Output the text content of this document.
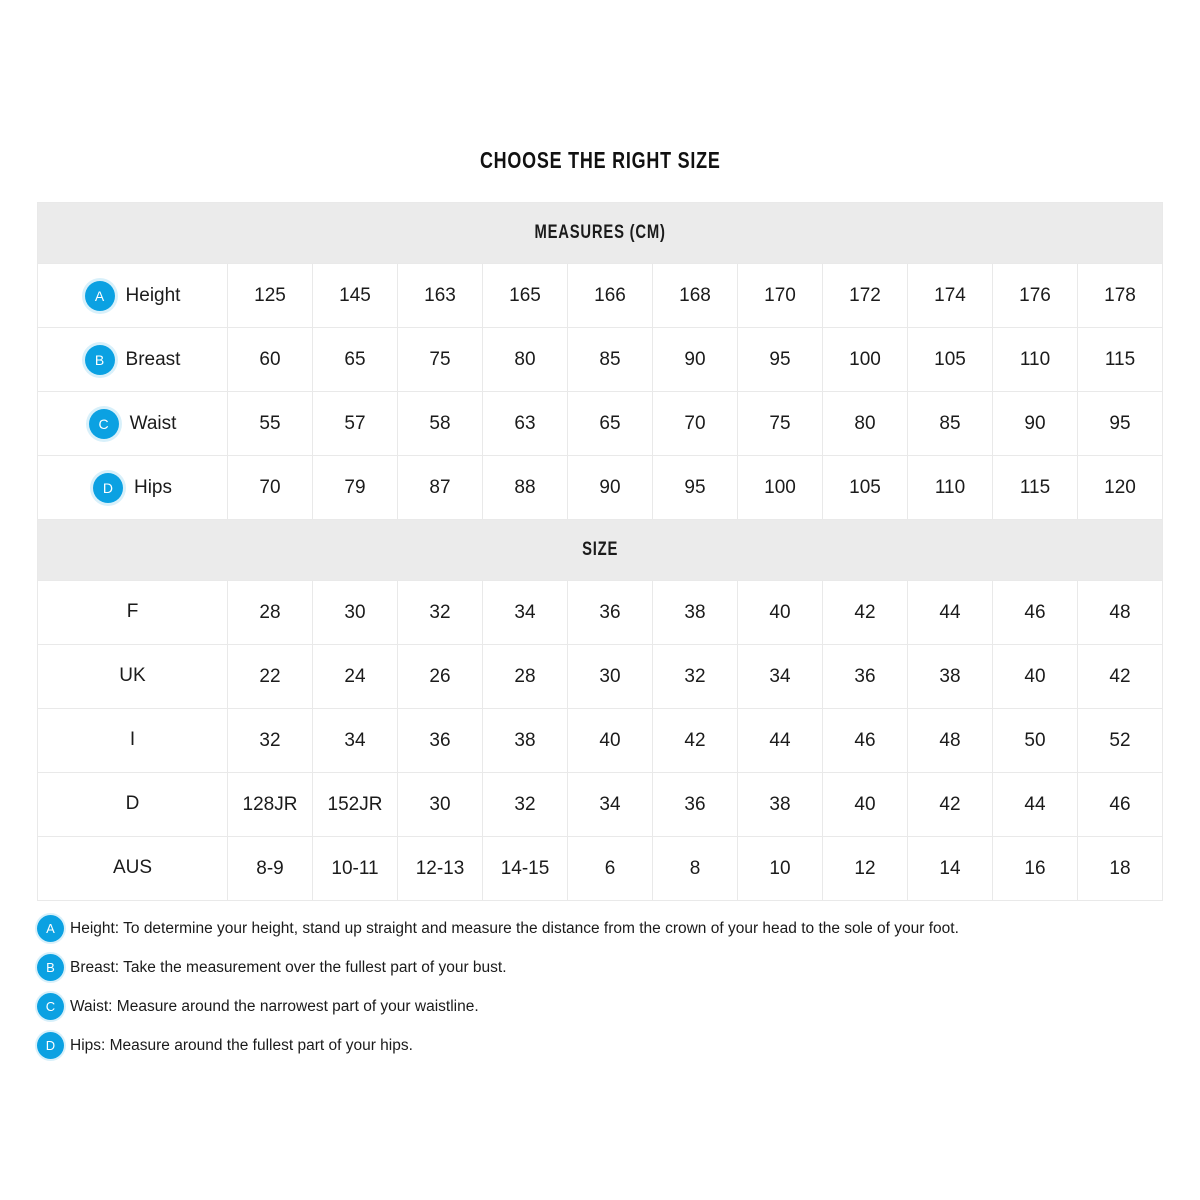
CHOOSE THE RIGHT SIZE
MEASURES (CM)											
A Height	125	145	163	165	166	168	170	172	174	176	178
B Breast	60	65	75	80	85	90	95	100	105	110	115
C Waist	55	57	58	63	65	70	75	80	85	90	95
D Hips	70	79	87	88	90	95	100	105	110	115	120
SIZE											
F	28	30	32	34	36	38	40	42	44	46	48
UK	22	24	26	28	30	32	34	36	38	40	42
I	32	34	36	38	40	42	44	46	48	50	52
D	128JR	152JR	30	32	34	36	38	40	42	44	46
AUS	8-9	10-11	12-13	14-15	6	8	10	12	14	16	18
A Height: To determine your height, stand up straight and measure the distance from the crown of your head to the sole of your foot.
B Breast: Take the measurement over the fullest part of your bust.
C Waist: Measure around the narrowest part of your waistline.
D Hips: Measure around the fullest part of your hips.
